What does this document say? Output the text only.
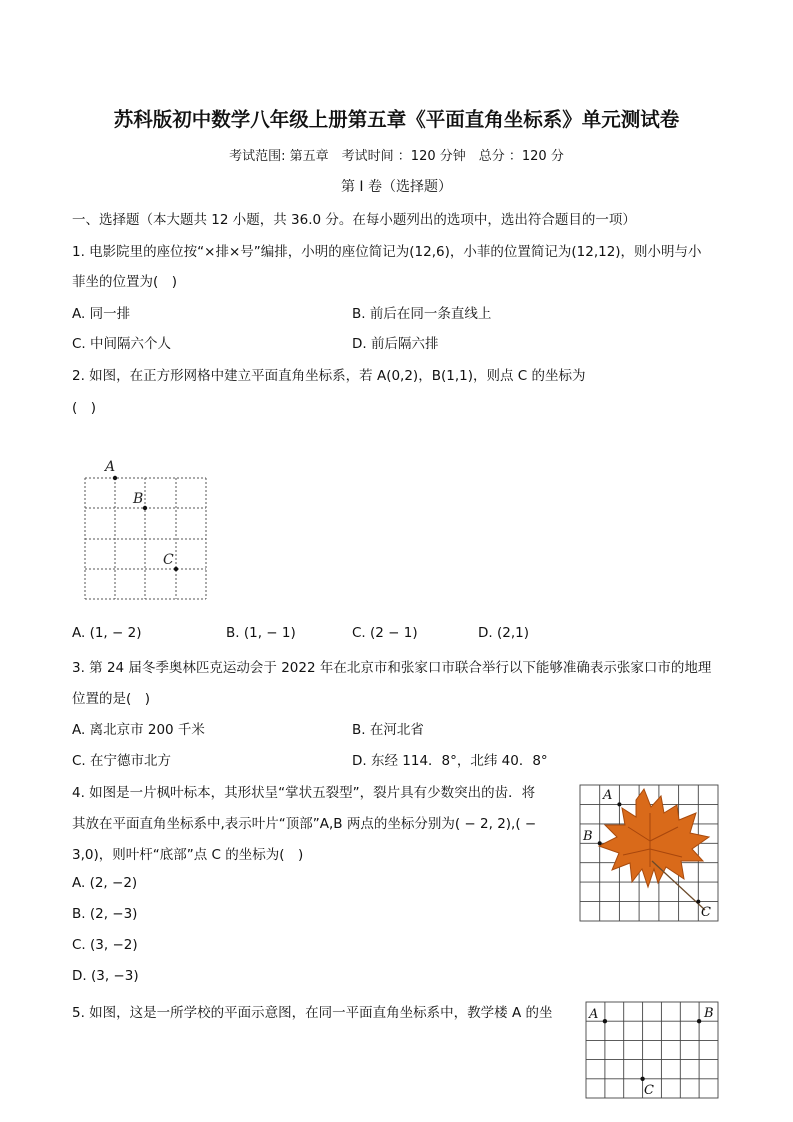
苏科版初中数学八年级上册第五章《平面直角坐标系》单元测试卷
考试范围: 第五章　考试时间 ：120 分钟　总分 ：120 分
第 I 卷（选择题）
一、选择题（本大题共 12 小题，共 36.0 分。在每小题列出的选项中，选出符合题目的一项）
1. 电影院里的座位按“×排×号”编排，小明的座位简记为(12,6)，小菲的位置简记为(12,12)，则小明与小
菲坐的位置为(　)
A. 同一排	B. 前后在同一条直线上
C. 中间隔六个人	D. 前后隔六排
2. 如图，在正方形网格中建立平面直角坐标系，若 A(0,2)，B(1,1)，则点 C 的坐标为
(　)
A
B
C
A. (1, − 2)	B. (1, − 1)	C. (2 − 1)	D. (2,1)
3. 第 24 届冬季奥林匹克运动会于 2022 年在北京市和张家口市联合举行以下能够准确表示张家口市的地理
位置的是(　)
A. 离北京市 200 千米	B. 在河北省
C. 在宁德市北方	D. 东经 114．8°，北纬 40．8°
4. 如图是一片枫叶标本，其形状呈“掌状五裂型”，裂片具有少数突出的齿．将
其放在平面直角坐标系中,表示叶片“顶部”A,B 两点的坐标分别为( − 2, 2),( −
3,0)，则叶杆“底部”点 C 的坐标为(　)
A. (2, −2)
B. (2, −3)
C. (3, −2)
D. (3, −3)
A
B
C
5. 如图，这是一所学校的平面示意图，在同一平面直角坐标系中，教学楼 A 的坐	A	B
C
